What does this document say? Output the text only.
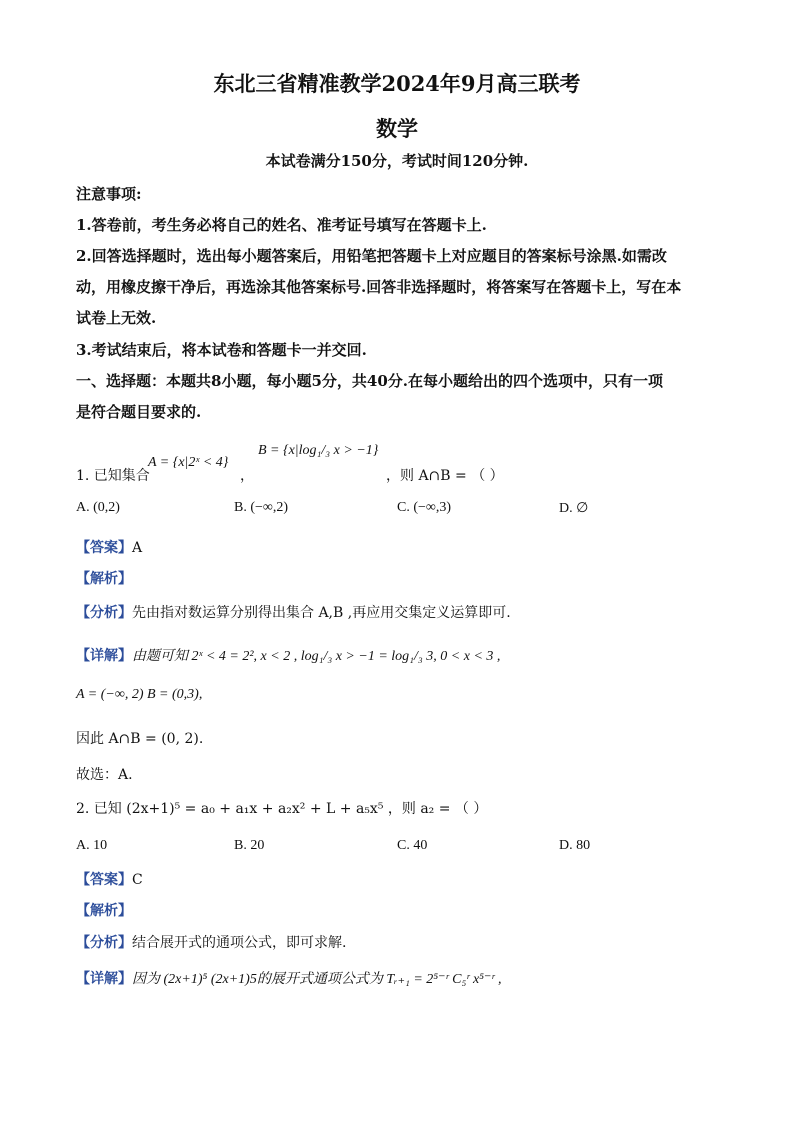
东北三省精准教学2024年9月高三联考
数学
本试卷满分150分，考试时间120分钟.
注意事项:
1.答卷前，考生务必将自己的姓名、准考证号填写在答题卡上.
2.回答选择题时，选出每小题答案后，用铅笔把答题卡上对应题目的答案标号涂黑.如需改
动，用橡皮擦干净后，再选涂其他答案标号.回答非选择题时，将答案写在答题卡上，写在本
试卷上无效.
3.考试结束后，将本试卷和答题卡一并交回.
一、选择题：本题共8小题，每小题5分，共40分.在每小题给出的四个选项中，只有一项
是符合题目要求的.
1. 已知集合
A = {x|2ˣ < 4}
，
B = {x|log₁/₃ x > −1}
，则 A∩B = （ ）
A. (0,2)	B. (−∞,2)	C. (−∞,3)	D. ∅
【答案】A
【解析】
【分析】先由指对数运算分别得出集合 A,B ,再应用交集定义运算即可.
【详解】由题可知 2ˣ < 4 = 2², x < 2 , log₁/₃ x > −1 = log₁/₃ 3, 0 < x < 3 ,
A = (−∞, 2) B = (0,3),
因此 A∩B = (0, 2).
故选：A.
2. 已知 (2x+1)⁵ = a₀ + a₁x + a₂x² + L + a₅x⁵ ，则 a₂ = （ ）
A. 10	B. 20	C. 40	D. 80
【答案】C
【解析】
【分析】结合展开式的通项公式，即可求解.
【详解】因为 (2x+1)⁵ (2x+1)5的展开式通项公式为 Tᵣ₊₁ = 2⁵⁻ʳ C₅ʳ x⁵⁻ʳ ,
